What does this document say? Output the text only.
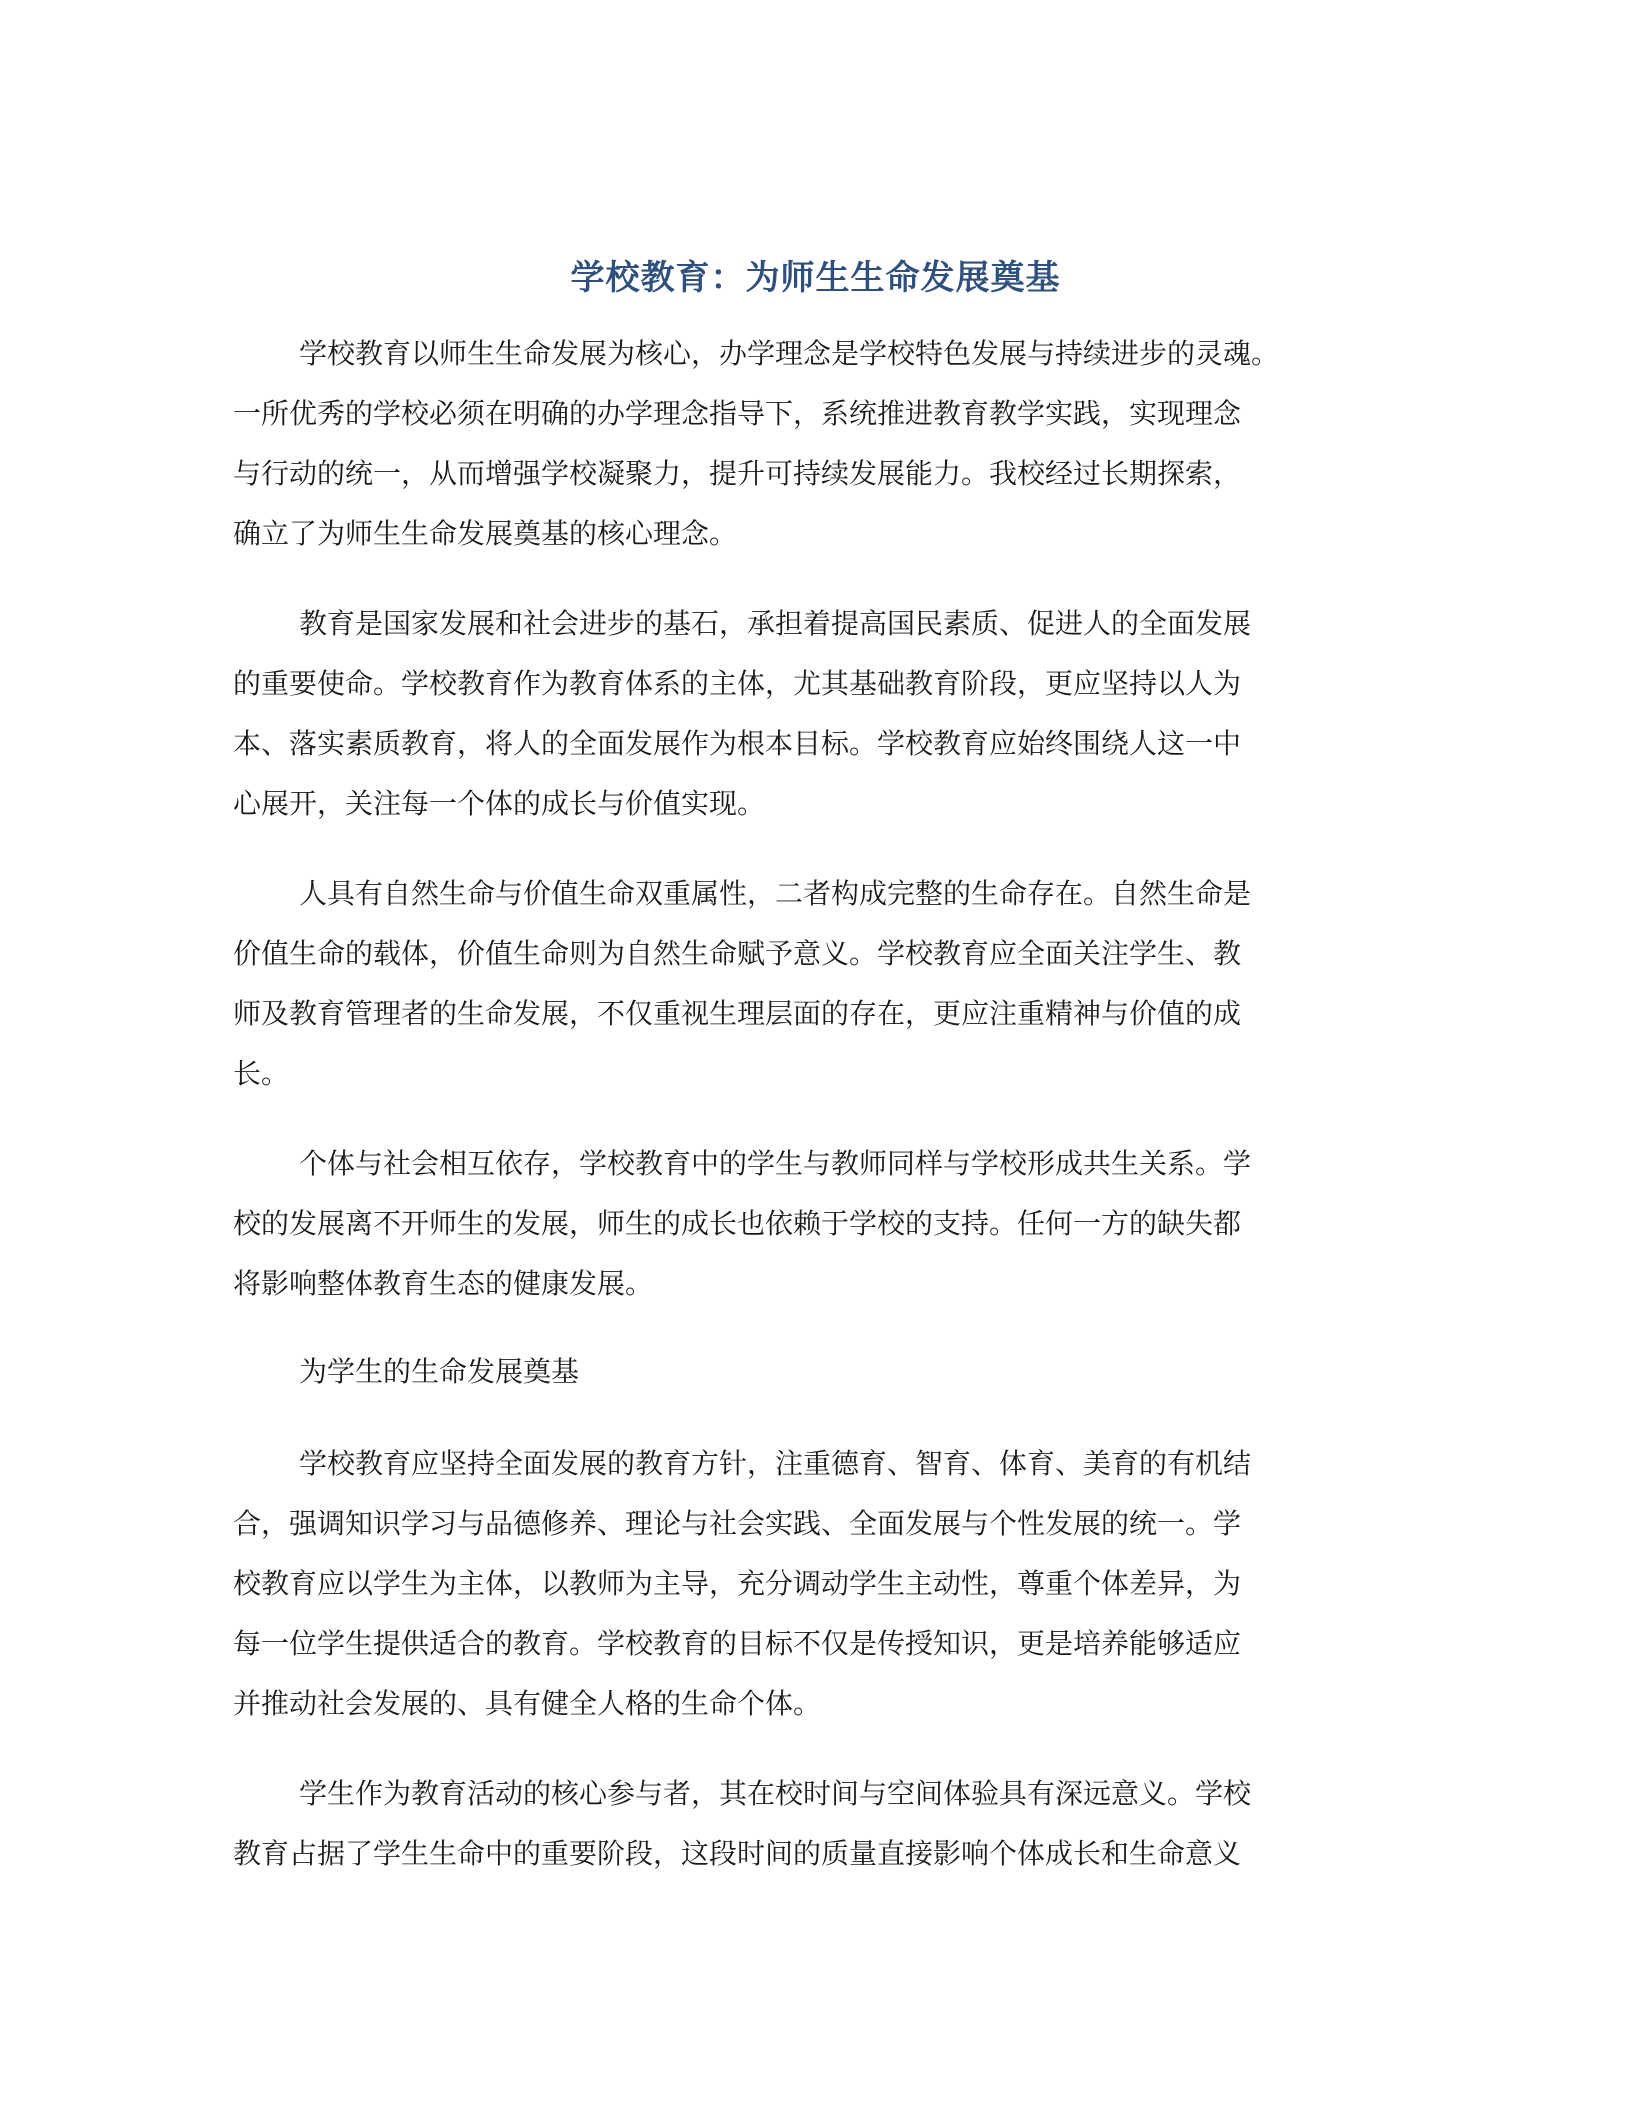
学校教育：为师生生命发展奠基
学校教育以师生生命发展为核心，办学理念是学校特色发展与持续进步的灵魂。
一所优秀的学校必须在明确的办学理念指导下，系统推进教育教学实践，实现理念
与行动的统一，从而增强学校凝聚力，提升可持续发展能力。我校经过长期探索，
确立了为师生生命发展奠基的核心理念。
教育是国家发展和社会进步的基石，承担着提高国民素质、促进人的全面发展
的重要使命。学校教育作为教育体系的主体，尤其基础教育阶段，更应坚持以人为
本、落实素质教育，将人的全面发展作为根本目标。学校教育应始终围绕人这一中
心展开，关注每一个体的成长与价值实现。
人具有自然生命与价值生命双重属性，二者构成完整的生命存在。自然生命是
价值生命的载体，价值生命则为自然生命赋予意义。学校教育应全面关注学生、教
师及教育管理者的生命发展，不仅重视生理层面的存在，更应注重精神与价值的成
长。
个体与社会相互依存，学校教育中的学生与教师同样与学校形成共生关系。学
校的发展离不开师生的发展，师生的成长也依赖于学校的支持。任何一方的缺失都
将影响整体教育生态的健康发展。
为学生的生命发展奠基
学校教育应坚持全面发展的教育方针，注重德育、智育、体育、美育的有机结
合，强调知识学习与品德修养、理论与社会实践、全面发展与个性发展的统一。学
校教育应以学生为主体，以教师为主导，充分调动学生主动性，尊重个体差异，为
每一位学生提供适合的教育。学校教育的目标不仅是传授知识，更是培养能够适应
并推动社会发展的、具有健全人格的生命个体。
学生作为教育活动的核心参与者，其在校时间与空间体验具有深远意义。学校
教育占据了学生生命中的重要阶段，这段时间的质量直接影响个体成长和生命意义
